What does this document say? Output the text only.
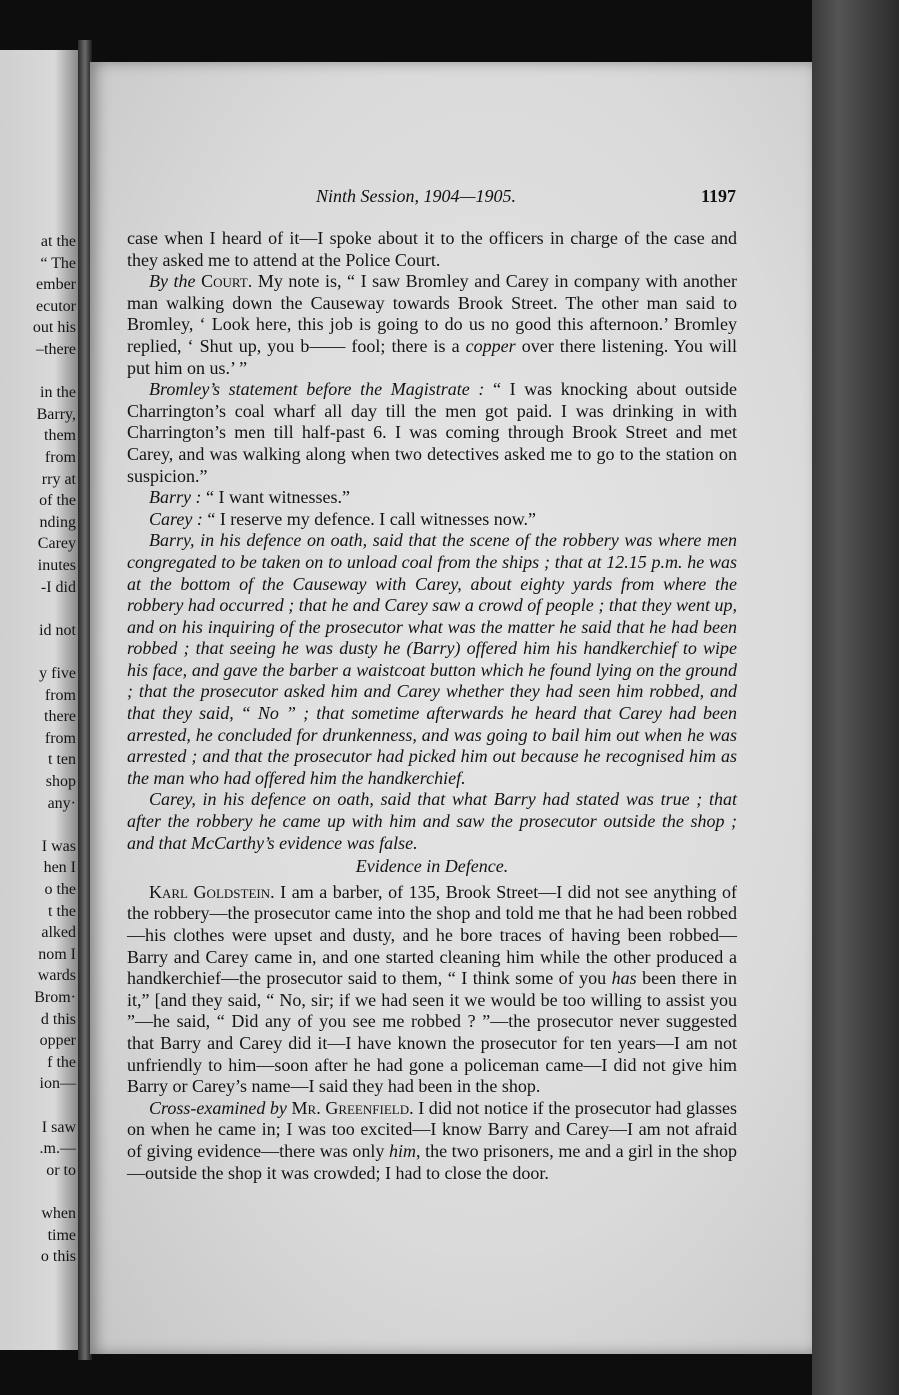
at the
“ The
ember
ecutor
out his
–there
in the
Barry,
them
from
rry at
of the
nding
Carey
inutes
-I did
id not
y five
from
there
from
t ten
shop
any·
I was
hen I
o the
t the
alked
nom I
wards
Brom·
d this
opper
f the
ion—
I saw
.m.—
or to
when
time
o this
Ninth Session, 1904—1905.	1197

case when I heard of it—I spoke about it to the officers in charge of the case and they asked me to attend at the Police Court.

By the Court. My note is, “ I saw Bromley and Carey in company with another man walking down the Causeway towards Brook Street. The other man said to Bromley, ‘ Look here, this job is going to do us no good this afternoon.’ Bromley replied, ‘ Shut up, you b—— fool; there is a copper over there listening. You will put him on us.’ ”

Bromley’s statement before the Magistrate : “ I was knocking about outside Charrington’s coal wharf all day till the men got paid. I was drinking in with Charrington’s men till half-past 6. I was coming through Brook Street and met Carey, and was walking along when two detectives asked me to go to the station on suspicion.”

Barry : “ I want witnesses.”

Carey : “ I reserve my defence. I call witnesses now.”

Barry, in his defence on oath, said that the scene of the robbery was where men congregated to be taken on to unload coal from the ships ; that at 12.15 p.m. he was at the bottom of the Causeway with Carey, about eighty yards from where the robbery had occurred ; that he and Carey saw a crowd of people ; that they went up, and on his inquiring of the prosecutor what was the matter he said that he had been robbed ; that seeing he was dusty he (Barry) offered him his handkerchief to wipe his face, and gave the barber a waistcoat button which he found lying on the ground ; that the prosecutor asked him and Carey whether they had seen him robbed, and that they said, “ No ” ; that sometime afterwards he heard that Carey had been arrested, he concluded for drunkenness, and was going to bail him out when he was arrested ; and that the prosecutor had picked him out because he recognised him as the man who had offered him the handkerchief.

Carey, in his defence on oath, said that what Barry had stated was true ; that after the robbery he came up with him and saw the prosecutor outside the shop ; and that McCarthy’s evidence was false.

Evidence in Defence.

Karl Goldstein. I am a barber, of 135, Brook Street—I did not see anything of the robbery—the prosecutor came into the shop and told me that he had been robbed—his clothes were upset and dusty, and he bore traces of having been robbed—Barry and Carey came in, and one started cleaning him while the other produced a handkerchief—the prosecutor said to them, “ I think some of you has been there in it,” [and they said, “ No, sir; if we had seen it we would be too willing to assist you ”—he said, “ Did any of you see me robbed ? ”—the prosecutor never suggested that Barry and Carey did it—I have known the prosecutor for ten years—I am not unfriendly to him—soon after he had gone a policeman came—I did not give him Barry or Carey’s name—I said they had been in the shop.

Cross-examined by Mr. Greenfield. I did not notice if the prosecutor had glasses on when he came in; I was too excited—I know Barry and Carey—I am not afraid of giving evidence—there was only him, the two prisoners, me and a girl in the shop—outside the shop it was crowded; I had to close the door.
